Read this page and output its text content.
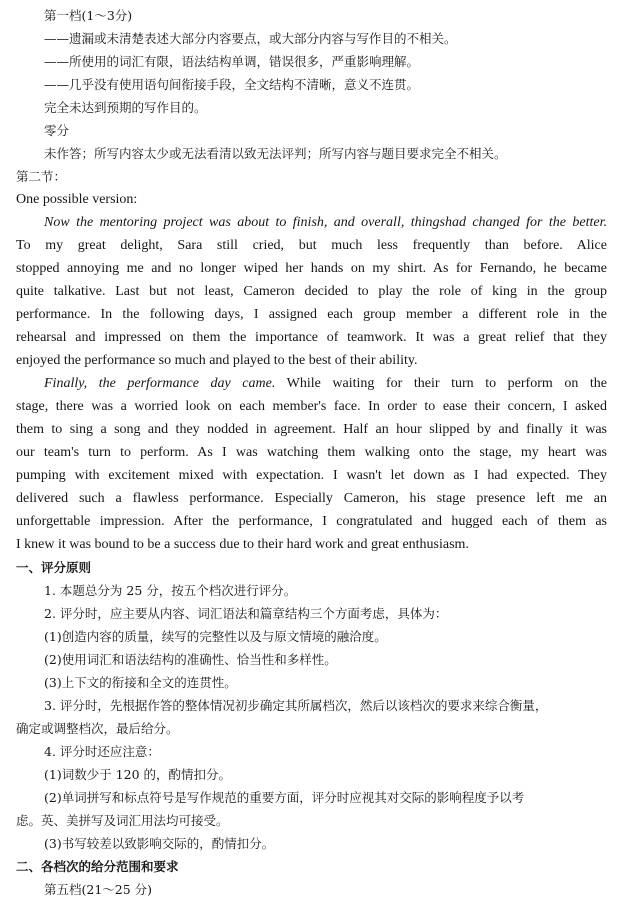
第一档(1～3分)
——遗漏或未清楚表述大部分内容要点，或大部分内容与写作目的不相关。
——所使用的词汇有限，语法结构单调，错误很多，严重影响理解。
——几乎没有使用语句间衔接手段，全文结构不清晰，意义不连贯。
完全未达到预期的写作目的。
零分
未作答；所写内容太少或无法看清以致无法评判；所写内容与题目要求完全不相关。
第二节：
One possible version:
Now the mentoring project was about to finish, and overall, thingshad changed for the better.
To my great delight, Sara still cried, but much less frequently than before. Alice
stopped annoying me and no longer wiped her hands on my shirt. As for Fernando, he became
quite talkative. Last but not least, Cameron decided to play the role of king in the group
performance. In the following days, I assigned each group member a different role in the
rehearsal and impressed on them the importance of teamwork. It was a great relief that they
enjoyed the performance so much and played to the best of their ability.
Finally, the performance day came. While waiting for their turn to perform on the
stage, there was a worried look on each member's face. In order to ease their concern, I asked
them to sing a song and they nodded in agreement. Half an hour slipped by and finally it was
our team's turn to perform. As I was watching them walking onto the stage, my heart was
pumping with excitement mixed with expectation. I wasn't let down as I had expected. They
delivered such a flawless performance. Especially Cameron, his stage presence left me an
unforgettable impression. After the performance, I congratulated and hugged each of them as
I knew it was bound to be a success due to their hard work and great enthusiasm.
一、评分原则
1. 本题总分为 25 分，按五个档次进行评分。
2. 评分时，应主要从内容、词汇语法和篇章结构三个方面考虑，具体为：
(1)创造内容的质量，续写的完整性以及与原文情境的融洽度。
(2)使用词汇和语法结构的准确性、恰当性和多样性。
(3)上下文的衔接和全文的连贯性。
3. 评分时，先根据作答的整体情况初步确定其所属档次，然后以该档次的要求来综合衡量，
确定或调整档次，最后给分。
4. 评分时还应注意：
(1)词数少于 120 的，酌情扣分。
(2)单词拼写和标点符号是写作规范的重要方面，评分时应视其对交际的影响程度予以考
虑。英、美拼写及词汇用法均可接受。
(3)书写较差以致影响交际的，酌情扣分。
二、各档次的给分范围和要求
第五档(21～25 分)
